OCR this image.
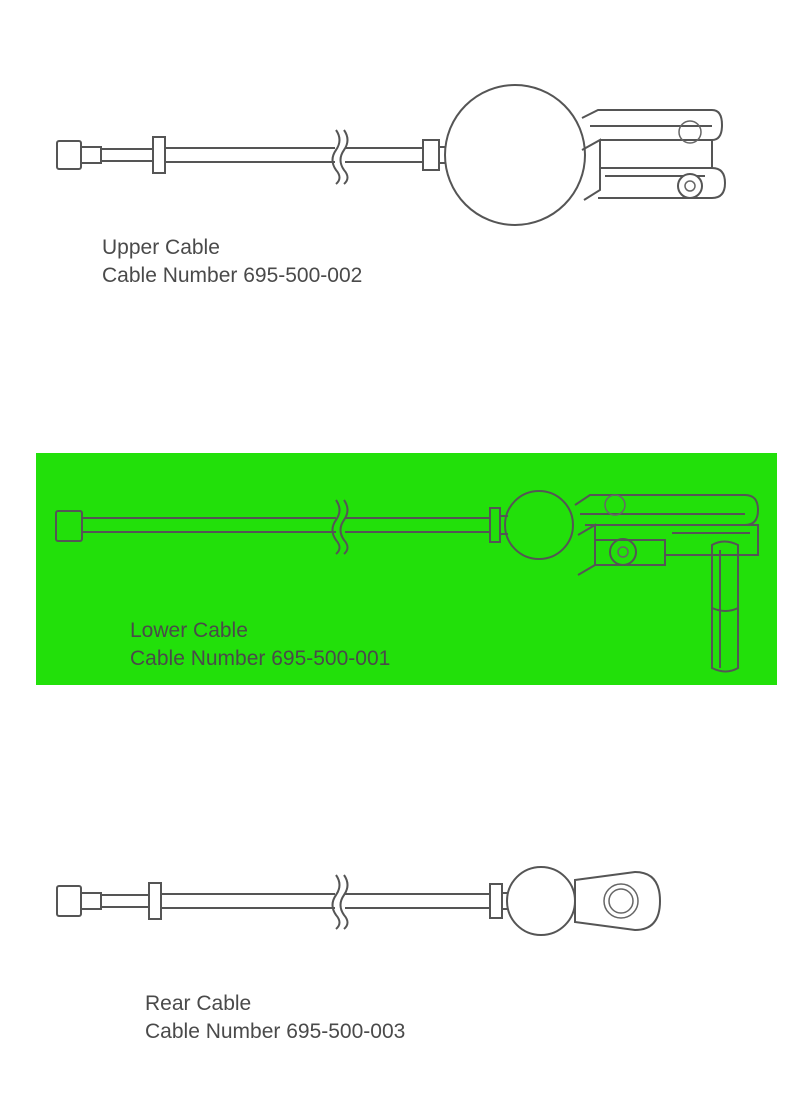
Upper Cable
Cable Number 695-500-002
Lower Cable
Cable Number 695-500-001
Rear Cable
Cable Number 695-500-003
